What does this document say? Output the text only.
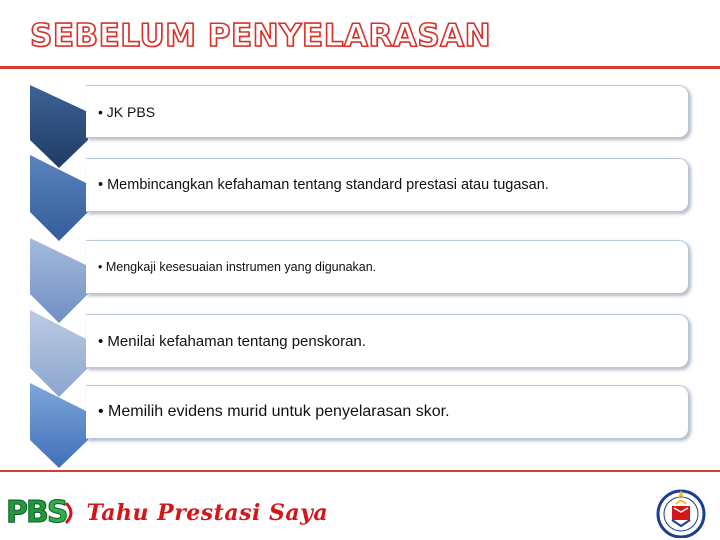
SEBELUM PENYELARASAN
• JK PBS
• Membincangkan kefahaman tentang standard prestasi atau tugasan.
• Mengkaji kesesuaian instrumen yang digunakan.
• Menilai kefahaman tentang penskoran.
• Memilih evidens murid untuk penyelarasan skor.
PBS Tahu Prestasi Saya
